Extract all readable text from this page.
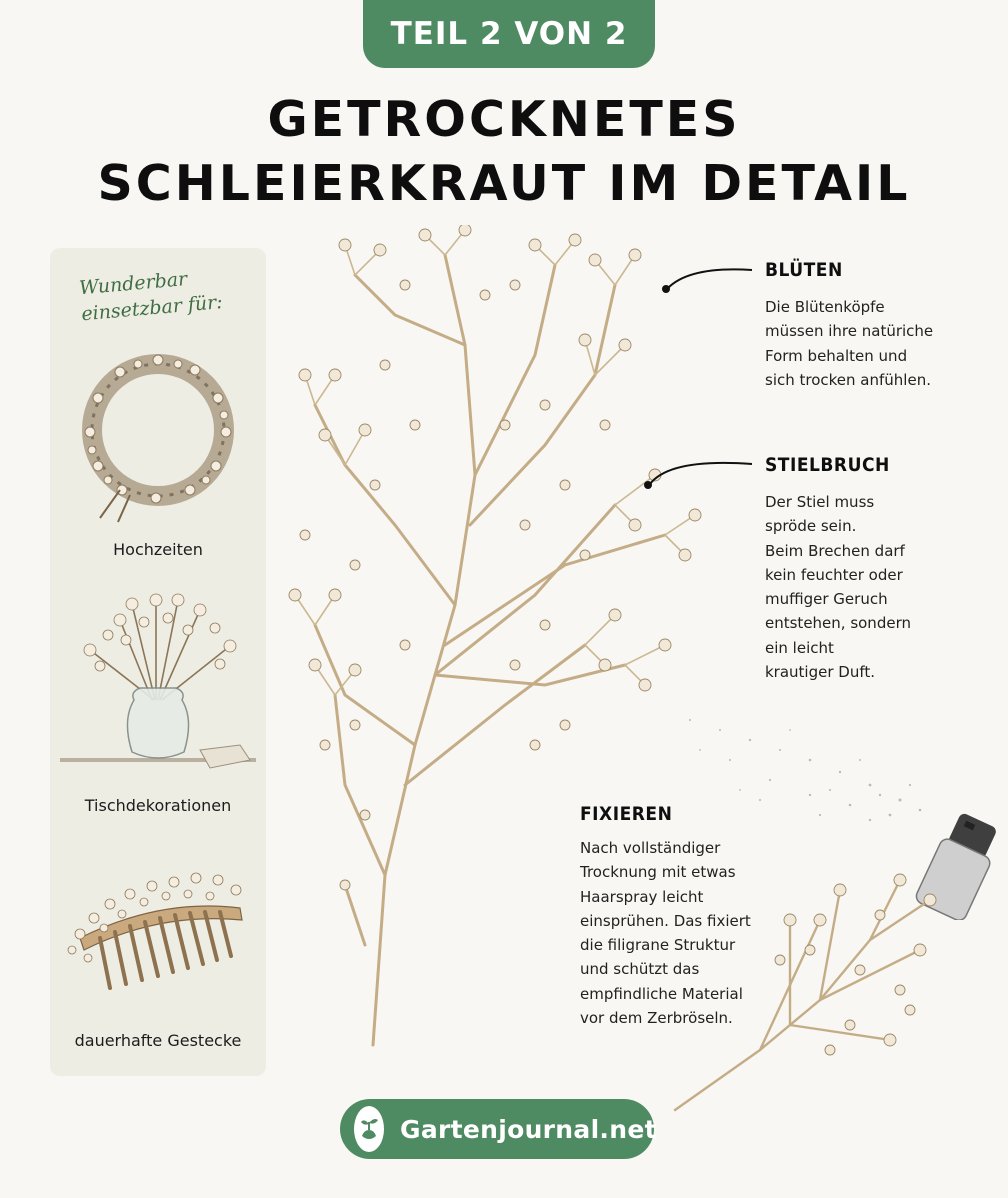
TEIL 2 VON 2
GETROCKNETES
SCHLEIERKRAUT IM DETAIL
Wunderbar
einsetzbar für:
Hochzeiten
Tischdekorationen
dauerhafte Gestecke
BLÜTEN
Die Blütenköpfe
müssen ihre natüriche
Form behalten und
sich trocken anfühlen.
STIELBRUCH
Der Stiel muss
spröde sein.
Beim Brechen darf
kein feuchter oder
muffiger Geruch
entstehen, sondern
ein leicht
krautiger Duft.
FIXIEREN
Nach vollständiger
Trocknung mit etwas
Haarspray leicht
einsprühen. Das fixiert
die filigrane Struktur
und schützt das
empfindliche Material
vor dem Zerbröseln.
Gartenjournal.net
